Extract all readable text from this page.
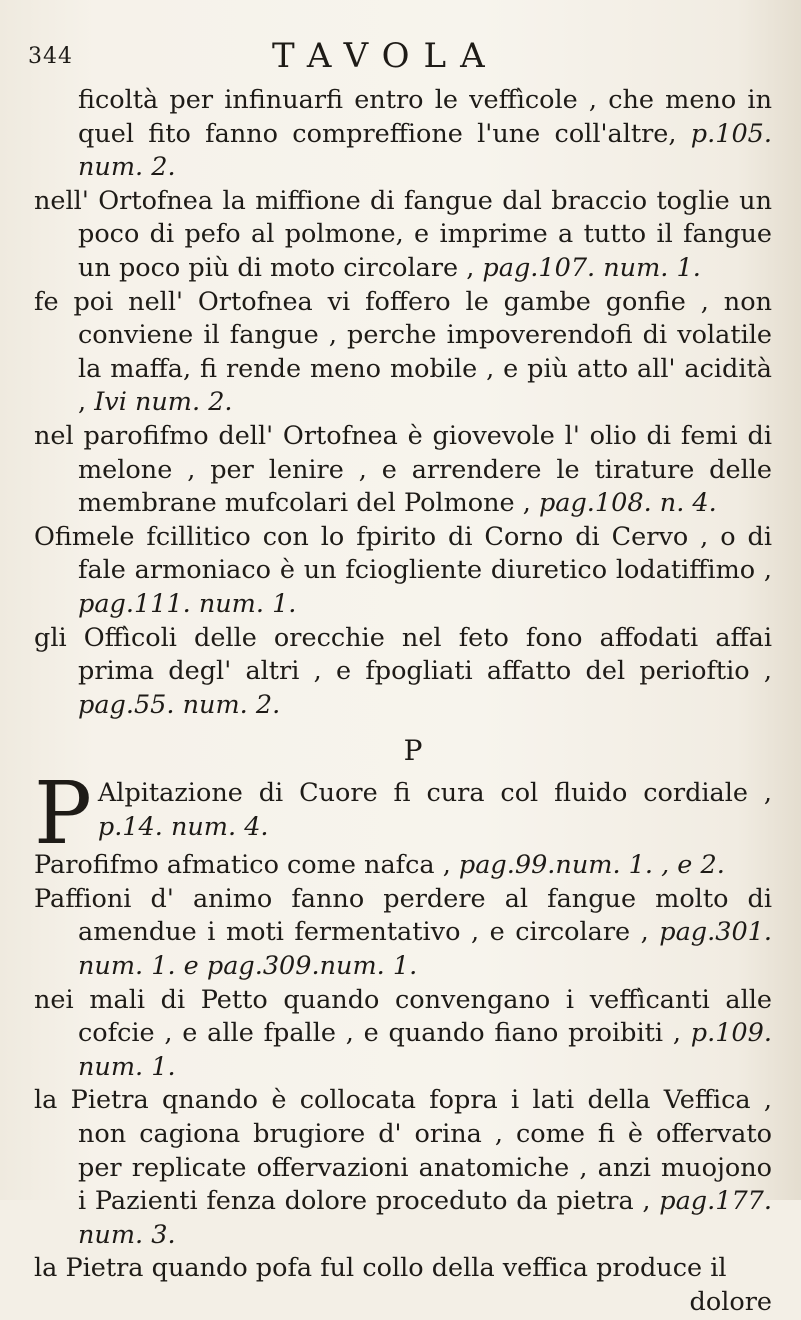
344	TAVOLA

ficoltà per infinuarfi entro le veffìcole , che meno in quel fito fanno compreffione l'une coll'altre, p.105. num. 2.

nell' Ortofnea la miffione di fangue dal braccio toglie un poco di pefo al polmone, e imprime a tutto il fangue un poco più di moto circolare , pag.107. num. 1.

fe poi nell' Ortofnea vi foffero le gambe gonfie , non conviene il fangue , perche impoverendofi di volatile la maffa, fi rende meno mobile , e più atto all' acidità , Ivi num. 2.

nel parofifmo dell' Ortofnea è giovevole l' olio di femi di melone , per lenire , e arrendere le tirature delle membrane mufcolari del Polmone , pag.108. n. 4.

Ofimele fcillitico con lo fpirito di Corno di Cervo , o di fale armoniaco è un fciogliente diuretico lodatiffimo , pag.111. num. 1.

gli Offìcoli delle orecchie nel feto fono affodati affai prima degl' altri , e fpogliati affatto del perioftio , pag.55. num. 2.

P

P Alpitazione di Cuore fi cura col fluido cordiale , p.14. num. 4.

Parofifmo afmatico come nafca , pag.99.num. 1. , e 2.

Paffioni d' animo fanno perdere al fangue molto di amendue i moti fermentativo , e circolare , pag.301. num. 1. e pag.309.num. 1.

nei mali di Petto quando convengano i veffìcanti alle cofcie , e alle fpalle , e quando fiano proibiti , p.109. num. 1.

la Pietra qnando è collocata fopra i lati della Veffica , non cagiona brugiore d' orina , come fi è offervato per replicate offervazioni anatomiche , anzi muojono i Pazienti fenza dolore proceduto da pietra , pag.177. num. 3.

la Pietra quando pofa ful collo della veffica produce il

dolore
